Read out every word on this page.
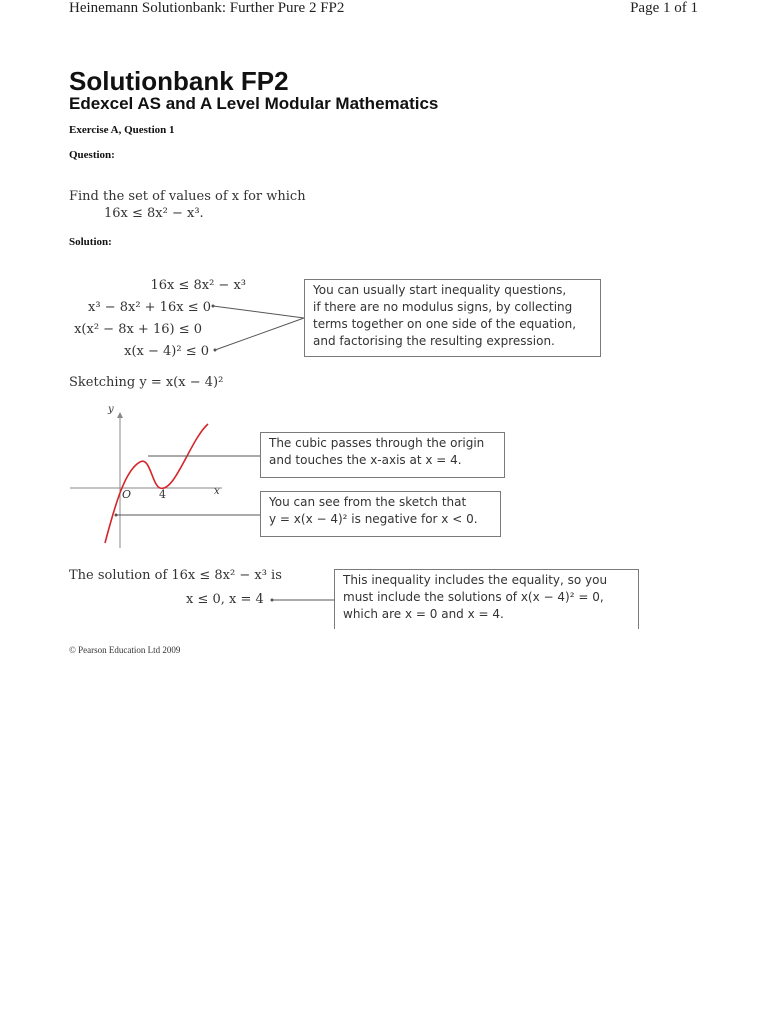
Heinemann Solutionbank: Further Pure 2 FP2	Page 1 of 1
Solutionbank FP2
Edexcel AS and A Level Modular Mathematics
Exercise A, Question 1
Question:
Find the set of values of x for which
16x ≤ 8x² − x³.
Solution:
16x ≤ 8x² − x³
x³ − 8x² + 16x ≤ 0
x(x² − 8x + 16) ≤ 0
x(x − 4)² ≤ 0
You can usually start inequality questions,
if there are no modulus signs, by collecting
terms together on one side of the equation,
and factorising the resulting expression.
Sketching y = x(x − 4)²
y
x
O	4
The cubic passes through the origin
and touches the x-axis at x = 4.
You can see from the sketch that
y = x(x − 4)² is negative for x < 0.
The solution of 16x ≤ 8x² − x³ is
x ≤ 0, x = 4
This inequality includes the equality, so you
must include the solutions of x(x − 4)² = 0,
which are x = 0 and x = 4.
© Pearson Education Ltd 2009
